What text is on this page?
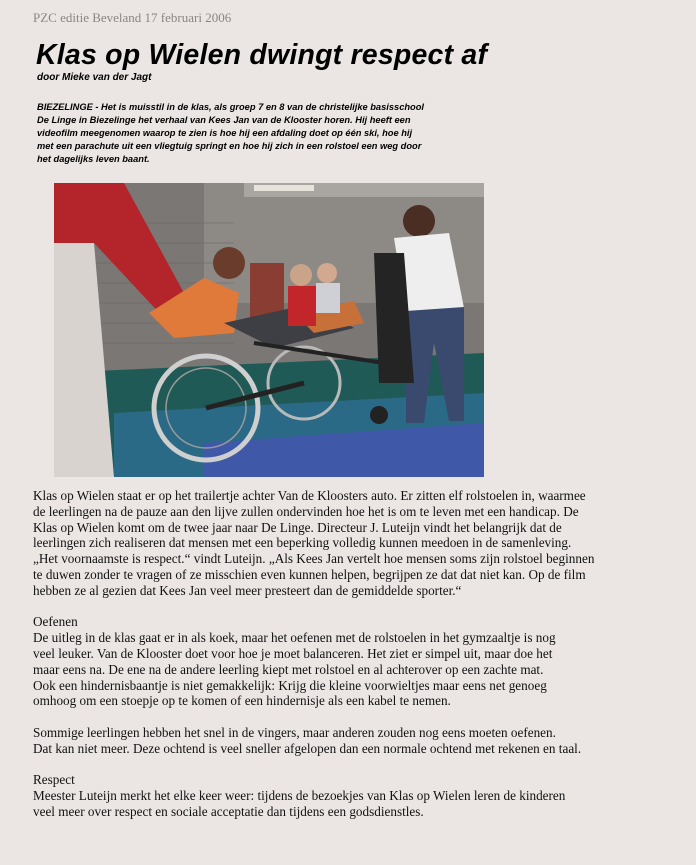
PZC editie Beveland 17 februari 2006
Klas op Wielen dwingt respect af
door Mieke van der Jagt
BIEZELINGE - Het is muisstil in de klas, als groep 7 en 8 van de christelijke basisschool
De Linge in Biezelinge het verhaal van Kees Jan van de Klooster horen. Hij heeft een
videofilm meegenomen waarop te zien is hoe hij een afdaling doet op één ski, hoe hij
met een parachute uit een vliegtuig springt en hoe hij zich in een rolstoel een weg door
het dagelijks leven baant.

Klas op Wielen staat er op het trailertje achter Van de Kloosters auto. Er zitten elf rolstoelen in, waarmee
de leerlingen na de pauze aan den lijve zullen ondervinden hoe het is om te leven met een handicap. De
Klas op Wielen komt om de twee jaar naar De Linge. Directeur J. Luteijn vindt het belangrijk dat de
leerlingen zich realiseren dat mensen met een beperking volledig kunnen meedoen in de samenleving.
„Het voornaamste is respect.“ vindt Luteijn. „Als Kees Jan vertelt hoe mensen soms zijn rolstoel beginnen
te duwen zonder te vragen of ze misschien even kunnen helpen, begrijpen ze dat dat niet kan. Op de film
hebben ze al gezien dat Kees Jan veel meer presteert dan de gemiddelde sporter.“

Oefenen
De uitleg in de klas gaat er in als koek, maar het oefenen met de rolstoelen in het gymzaaltje is nog
veel leuker. Van de Klooster doet voor hoe je moet balanceren. Het ziet er simpel uit, maar doe het
maar eens na. De ene na de andere leerling kiept met rolstoel en al achterover op een zachte mat.
Ook een hindernisbaantje is niet gemakkelijk: Krijg die kleine voorwieltjes maar eens net genoeg
omhoog om een stoepje op te komen of een hindernisje als een kabel te nemen.

Sommige leerlingen hebben het snel in de vingers, maar anderen zouden nog eens moeten oefenen.
Dat kan niet meer. Deze ochtend is veel sneller afgelopen dan een normale ochtend met rekenen en taal.

Respect
Meester Luteijn merkt het elke keer weer: tijdens de bezoekjes van Klas op Wielen leren de kinderen
veel meer over respect en sociale acceptatie dan tijdens een godsdienstles.
